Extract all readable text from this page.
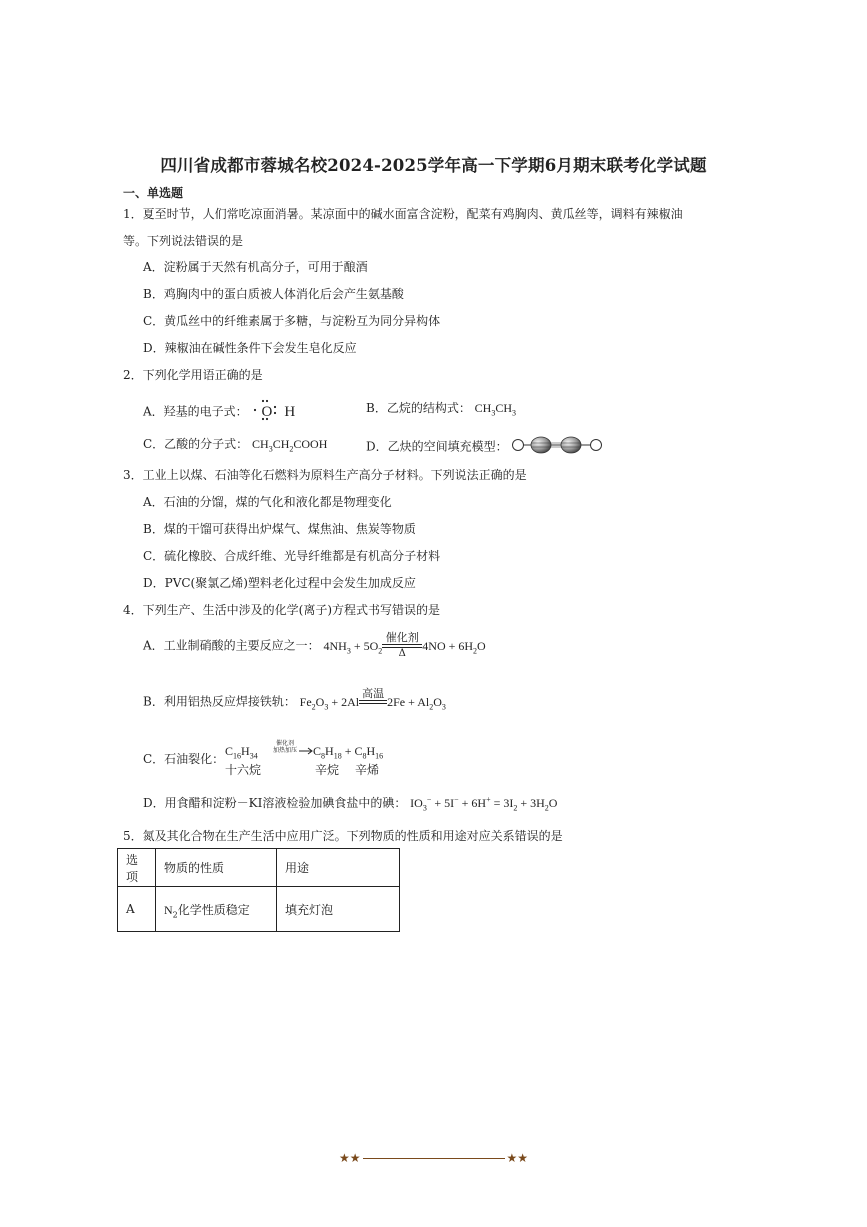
四川省成都市蓉城名校2024-2025学年高一下学期6月期末联考化学试题
一、单选题
1．夏至时节，人们常吃凉面消暑。某凉面中的碱水面富含淀粉，配菜有鸡胸肉、黄瓜丝等，调料有辣椒油
等。下列说法错误的是
A．淀粉属于天然有机高分子，可用于酿酒
B．鸡胸肉中的蛋白质被人体消化后会产生氨基酸
C．黄瓜丝中的纤维素属于多糖，与淀粉互为同分异构体
D．辣椒油在碱性条件下会发生皂化反应
2．下列化学用语正确的是
A．羟基的电子式： O H	B．乙烷的结构式： $CH_3CH_3$
C．乙酸的分子式： $CH_3CH_2COOH$	D．乙炔的空间填充模型：
3．工业上以煤、石油等化石燃料为原料生产高分子材料。下列说法正确的是
A．石油的分馏，煤的气化和液化都是物理变化
B．煤的干馏可获得出炉煤气、煤焦油、焦炭等物质
C．硫化橡胶、合成纤维、光导纤维都是有机高分子材料
D．PVC(聚氯乙烯)塑料老化过程中会发生加成反应
4．下列生产、生活中涉及的化学(离子)方程式书写错误的是
A．工业制硝酸的主要反应之一： $4NH_3 + 5O_2$
催化剂
Δ
$4NO + 6H_2O$
B．利用铝热反应焊接铁轨： $Fe_2O_3 + 2Al$
高温

$2Fe + Al_2O_3$
C．石油裂化：
$C_{16}H_{34}$
催化剂
加热加压	$C_8H_{18} + C_8H_{16}$
十六烷	辛烷 辛烯
D．用食醋和淀粉－KI溶液检验加碘食盐中的碘： $IO_3^- + 5I^- + 6H^+ = 3I_2 + 3H_2O$
5．氮及其化合物在生产生活中应用广泛。下列物质的性质和用途对应关系错误的是
选项	物质的性质	用途
A	$N_2$化学性质稳定	填充灯泡
★★	★★
